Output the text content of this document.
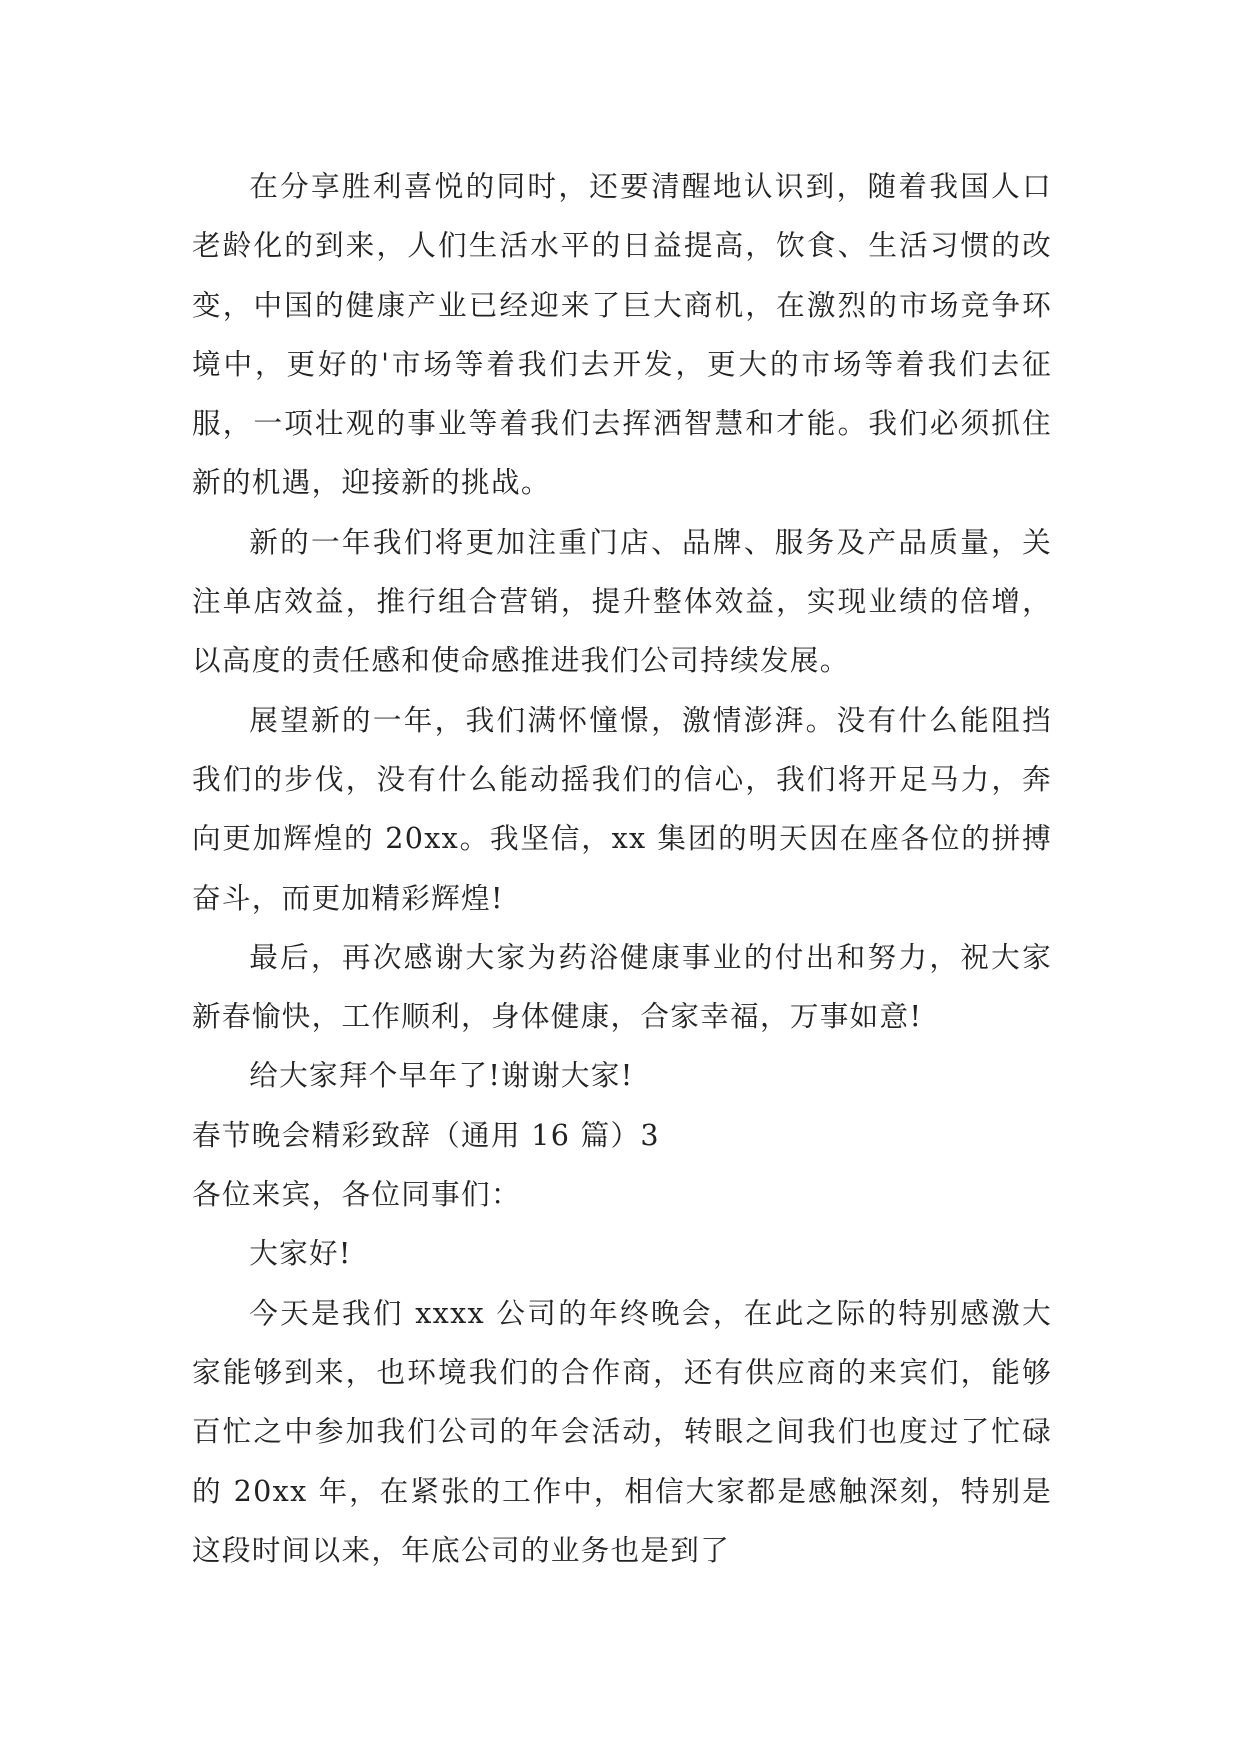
在分享胜利喜悦的同时，还要清醒地认识到，随着我国人口老龄化的到来，人们生活水平的日益提高，饮食、生活习惯的改变，中国的健康产业已经迎来了巨大商机，在激烈的市场竞争环境中，更好的'市场等着我们去开发，更大的市场等着我们去征服，一项壮观的事业等着我们去挥洒智慧和才能。我们必须抓住新的机遇，迎接新的挑战。

新的一年我们将更加注重门店、品牌、服务及产品质量，关注单店效益，推行组合营销，提升整体效益，实现业绩的倍增，以高度的责任感和使命感推进我们公司持续发展。

展望新的一年，我们满怀憧憬，激情澎湃。没有什么能阻挡我们的步伐，没有什么能动摇我们的信心，我们将开足马力，奔向更加辉煌的 20xx。我坚信，xx 集团的明天因在座各位的拼搏奋斗，而更加精彩辉煌!

最后，再次感谢大家为药浴健康事业的付出和努力，祝大家新春愉快，工作顺利，身体健康，合家幸福，万事如意!

给大家拜个早年了!谢谢大家!

春节晚会精彩致辞（通用 16 篇）3

各位来宾，各位同事们：

大家好!

今天是我们 xxxx 公司的年终晚会，在此之际的特别感激大家能够到来，也环境我们的合作商，还有供应商的来宾们，能够百忙之中参加我们公司的年会活动，转眼之间我们也度过了忙碌的 20xx 年，在紧张的工作中，相信大家都是感触深刻，特别是这段时间以来，年底公司的业务也是到了
